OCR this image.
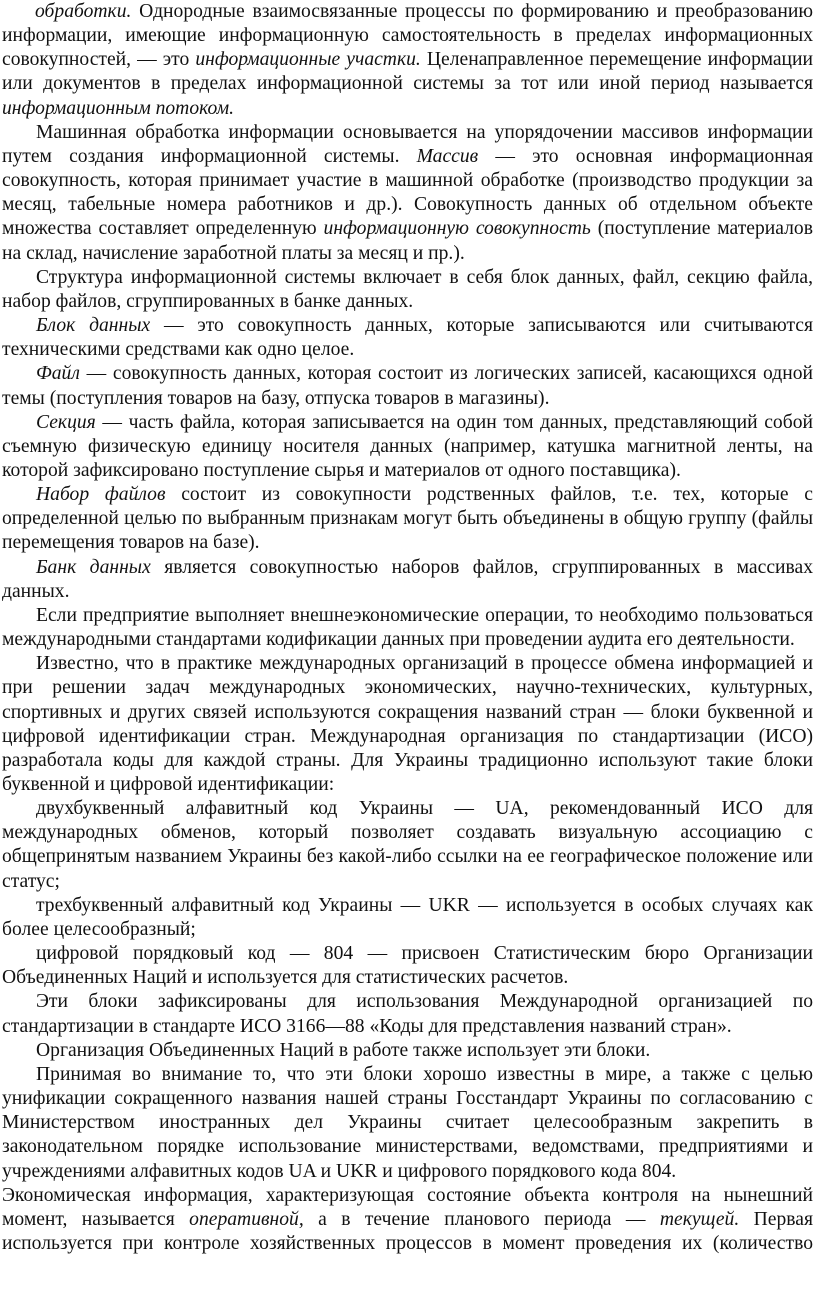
обработки. Однородные взаимосвязанные процессы по формированию и преобразованию информации, имеющие информационную самостоятельность в пределах информационных совокупностей, — это информационные участки. Целенаправленное перемещение информации или документов в пределах информационной системы за тот или иной период называется информационным потоком.

Машинная обработка информации основывается на упорядочении массивов информации путем создания информационной системы. Массив — это основная информационная совокупность, которая принимает участие в машинной обработке (производство продукции за месяц, табельные номера работников и др.). Совокупность данных об отдельном объекте множества составляет определенную информационную совокупность (поступление материалов на склад, начисление заработной платы за месяц и пр.).

Структура информационной системы включает в себя блок данных, файл, секцию файла, набор файлов, сгруппированных в банке данных.

Блок данных — это совокупность данных, которые записываются или считываются техническими средствами как одно целое.

Файл — совокупность данных, которая состоит из логических записей, касающихся одной темы (поступления товаров на базу, отпуска товаров в магазины).

Секция — часть файла, которая записывается на один том данных, представляющий собой съемную физическую единицу носителя данных (например, катушка магнитной ленты, на которой зафиксировано поступление сырья и материалов от одного поставщика).

Набор файлов состоит из совокупности родственных файлов, т.е. тех, которые с определенной целью по выбранным признакам могут быть объединены в общую группу (файлы перемещения товаров на базе).

Банк данных является совокупностью наборов файлов, сгруппированных в массивах данных.

Если предприятие выполняет внешнеэкономические операции, то необходимо пользоваться международными стандартами кодификации данных при проведении аудита его деятельности.

Известно, что в практике международных организаций в процессе обмена информацией и при решении задач международных экономических, научно-технических, культурных, спортивных и других связей используются сокращения названий стран — блоки буквенной и цифровой идентификации стран. Международная организация по стандартизации (ИСО) разработала коды для каждой страны. Для Украины традиционно используют такие блоки буквенной и цифровой идентификации:

двухбуквенный алфавитный код Украины — UA, рекомендованный ИСО для международных обменов, который позволяет создавать визуальную ассоциацию с общепринятым названием Украины без какой-либо ссылки на ее географическое положение или статус;

трехбуквенный алфавитный код Украины — UKR — используется в особых случаях как более целесообразный;

цифровой порядковый код — 804 — присвоен Статистическим бюро Организации Объединенных Наций и используется для статистических расчетов.

Эти блоки зафиксированы для использования Международной организацией по стандартизации в стандарте ИСО 3166—88 «Коды для представления названий стран».

Организация Объединенных Наций в работе также использует эти блоки.

Принимая во внимание то, что эти блоки хорошо известны в мире, а также с целью унификации сокращенного названия нашей страны Госстандарт Украины по согласованию с Министерством иностранных дел Украины считает целесообразным закрепить в законодательном порядке использование министерствами, ведомствами, предприятиями и учреждениями алфавитных кодов UA и UKR и цифрового порядкового кода 804.

Экономическая информация, характеризующая состояние объекта контроля на нынешний момент, называется оперативной, а в течение планового периода — текущей. Первая используется при контроле хозяйственных процессов в момент проведения их (количество
